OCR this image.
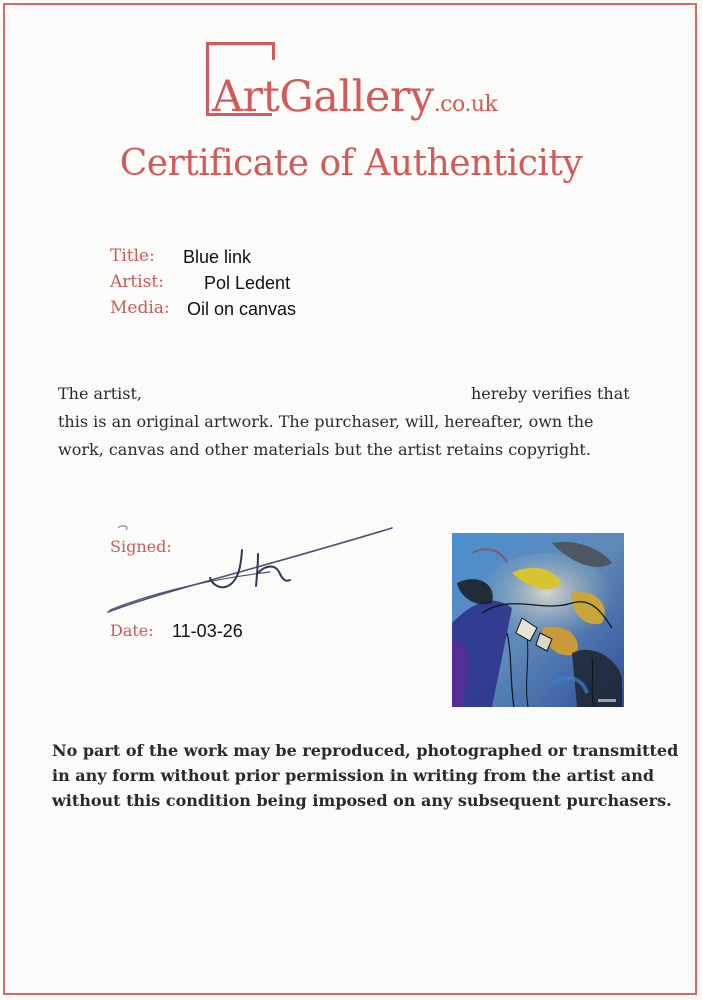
ArtGallery.co.uk
Certificate of Authenticity
Title: Blue link
Artist: Pol Ledent
Media: Oil on canvas
The artist,	hereby verifies that
this is an original artwork. The purchaser, will, hereafter, own the
work, canvas and other materials but the artist retains copyright.
Signed:
Date: 11-03-26
No part of the work may be reproduced, photographed or transmitted
in any form without prior permission in writing from the artist and
without this condition being imposed on any subsequent purchasers.
